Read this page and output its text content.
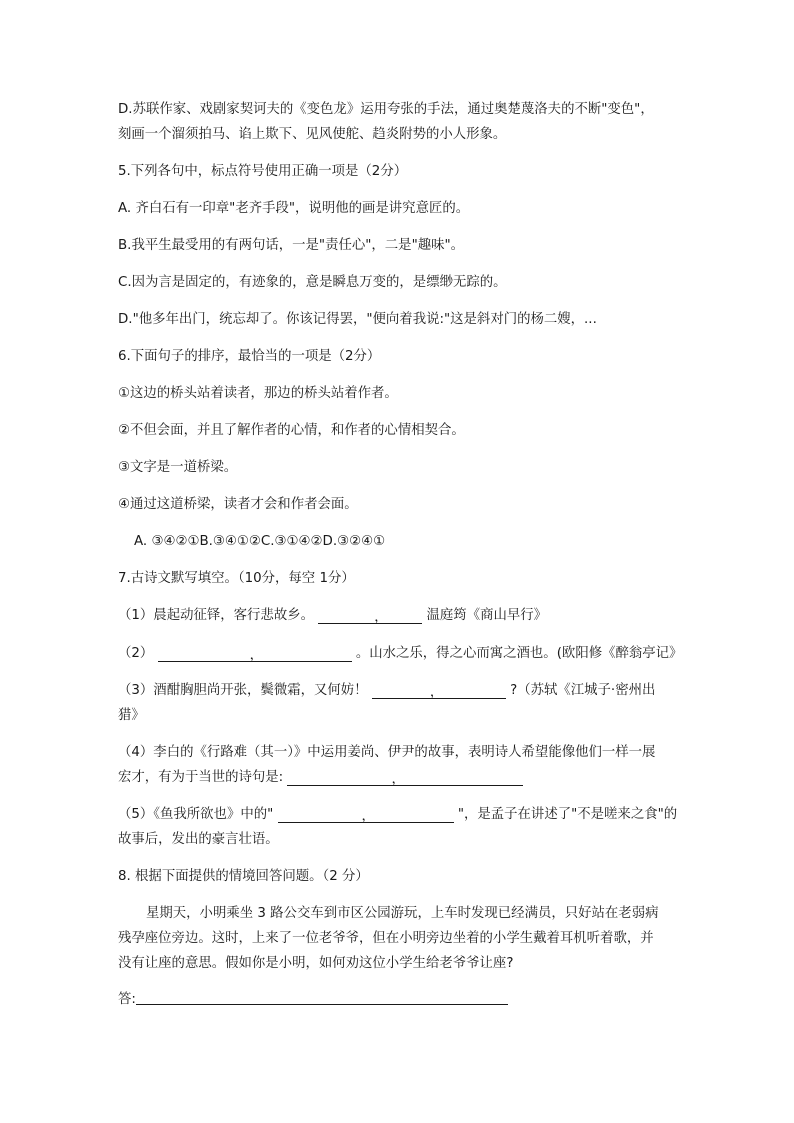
D.苏联作家、戏剧家契诃夫的《变色龙》运用夸张的手法，通过奥楚蔑洛夫的不断"变色"，
刻画一个溜须拍马、谄上欺下、见风使舵、趋炎附势的小人形象。
5.下列各句中，标点符号使用正确一项是（2分）
A. 齐白石有一印章"老齐手段"，说明他的画是讲究意匠的。
B.我平生最受用的有两句话，一是"责任心"，二是"趣味"。
C.因为言是固定的，有迹象的，意是瞬息万变的，是缥缈无踪的。
D."他多年出门，统忘却了。你该记得罢，"便向着我说:"这是斜对门的杨二嫂，...
6.下面句子的排序，最恰当的一项是（2分）
①这边的桥头站着读者，那边的桥头站着作者。
②不但会面，并且了解作者的心情，和作者的心情相契合。
③文字是一道桥梁。
④通过这道桥梁，读者才会和作者会面。
A. ③④②①B.③④①②C.③①④②D.③②④①
7.古诗文默写填空。（10分，每空 1分）
（1）晨起动征铎，客行悲故乡。	，	温庭筠《商山早行》
（2）	，	。山水之乐，得之心而寓之酒也。(欧阳修《醉翁亭记》
（3）酒酣胸胆尚开张，鬓微霜，又何妨！	，	?（苏轼《江城子·密州出
猎》
（4）李白的《行路难（其一）》中运用姜尚、伊尹的故事，表明诗人希望能像他们一样一展
宏才，有为于当世的诗句是:	，
（5）《鱼我所欲也》中的"	，	"，是孟子在讲述了"不是嗟来之食"的
故事后，发出的豪言壮语。
8. 根据下面提供的情境回答问题。（2 分）
星期天，小明乘坐 3 路公交车到市区公园游玩，上车时发现已经满员，只好站在老弱病
残孕座位旁边。这时，上来了一位老爷爷，但在小明旁边坐着的小学生戴着耳机听着歌，并
没有让座的意思。假如你是小明，如何劝这位小学生给老爷爷让座?
答:
